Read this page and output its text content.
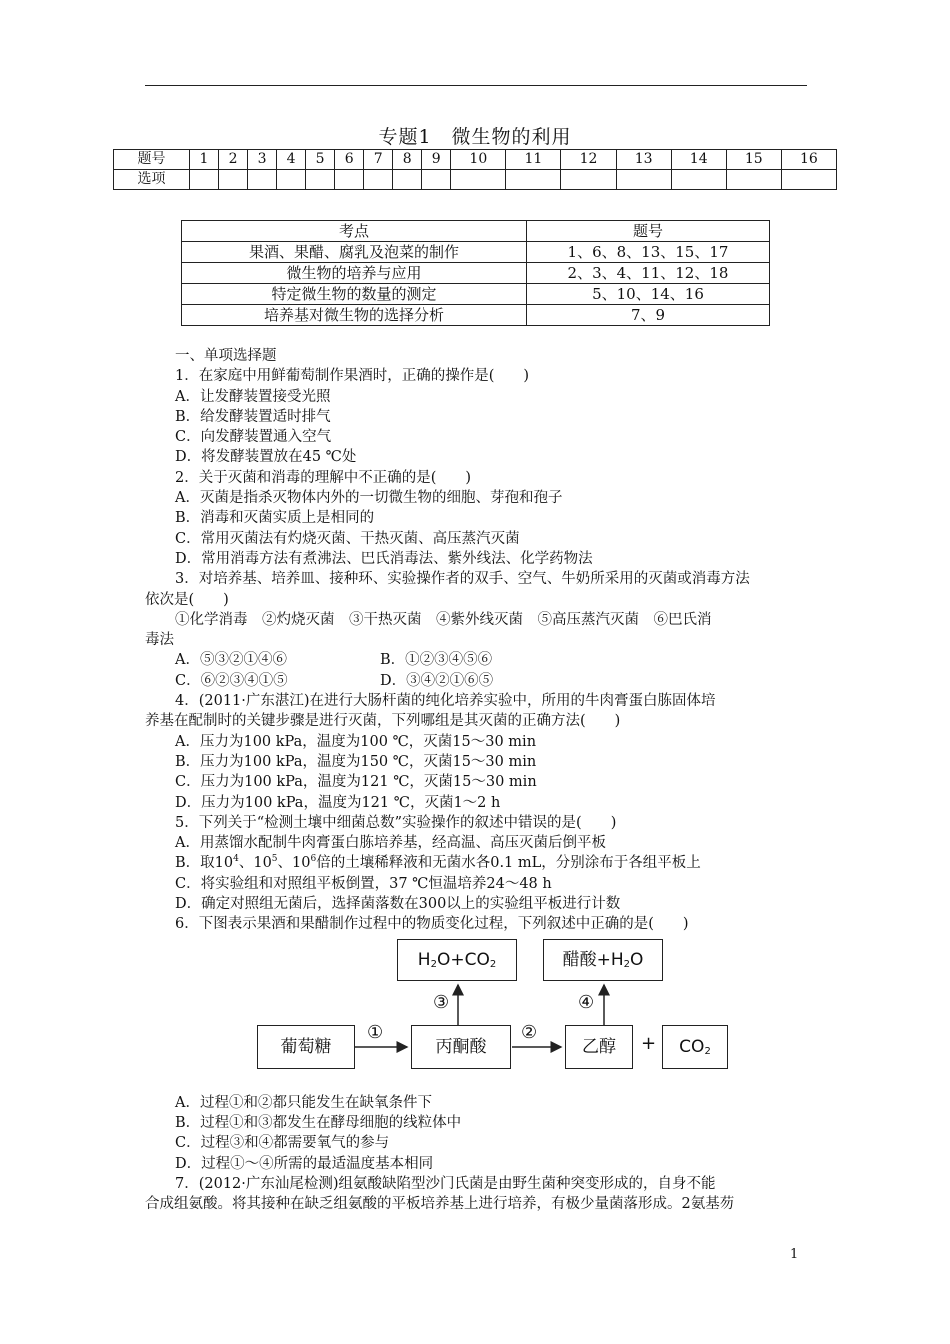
专题1　微生物的利用
题号	1	2	3	4	5	6	7	8	9	10	11	12	13	14	15	16
选项																
考点	题号
果酒、果醋、腐乳及泡菜的制作	1、6、8、13、15、17
微生物的培养与应用	2、3、4、11、12、18
特定微生物的数量的测定	5、10、14、16
培养基对微生物的选择分析	7、9

一、单项选择题

1．在家庭中用鲜葡萄制作果酒时，正确的操作是(　　)

A．让发酵装置接受光照

B．给发酵装置适时排气

C．向发酵装置通入空气

D．将发酵装置放在45 ℃处

2．关于灭菌和消毒的理解中不正确的是(　　)

A．灭菌是指杀灭物体内外的一切微生物的细胞、芽孢和孢子

B．消毒和灭菌实质上是相同的

C．常用灭菌法有灼烧灭菌、干热灭菌、高压蒸汽灭菌

D．常用消毒方法有煮沸法、巴氏消毒法、紫外线法、化学药物法

3．对培养基、培养皿、接种环、实验操作者的双手、空气、牛奶所采用的灭菌或消毒方法

依次是(　　)

①化学消毒　②灼烧灭菌　③干热灭菌　④紫外线灭菌　⑤高压蒸汽灭菌　⑥巴氏消

毒法

A．⑤③②①④⑥	B．①②③④⑤⑥

C．⑥②③④①⑤	D．③④②①⑥⑤

4．(2011·广东湛江)在进行大肠杆菌的纯化培养实验中，所用的牛肉膏蛋白胨固体培

养基在配制时的关键步骤是进行灭菌，下列哪组是其灭菌的正确方法(　　)

A．压力为100 kPa，温度为100 ℃，灭菌15～30 min

B．压力为100 kPa，温度为150 ℃，灭菌15～30 min

C．压力为100 kPa，温度为121 ℃，灭菌15～30 min

D．压力为100 kPa，温度为121 ℃，灭菌1～2 h

5．下列关于“检测土壤中细菌总数”实验操作的叙述中错误的是(　　)

A．用蒸馏水配制牛肉膏蛋白胨培养基，经高温、高压灭菌后倒平板

B．取$10^4$、$10^5$、$10^6$倍的土壤稀释液和无菌水各0.1 mL，分别涂布于各组平板上

C．将实验组和对照组平板倒置，37 ℃恒温培养24～48 h

D．确定对照组无菌后，选择菌落数在300以上的实验组平板进行计数

6．下图表示果酒和果醋制作过程中的物质变化过程，下列叙述中正确的是(　　)

$H_2O+CO_2$	醋酸$+H_2O$
葡萄糖	丙酮酸	乙醇	+	$CO_2$
①	②
③	④

A．过程①和②都只能发生在缺氧条件下

B．过程①和③都发生在酵母细胞的线粒体中

C．过程③和④都需要氧气的参与

D．过程①～④所需的最适温度基本相同

7．(2012·广东汕尾检测)组氨酸缺陷型沙门氏菌是由野生菌种突变形成的，自身不能

合成组氨酸。将其接种在缺乏组氨酸的平板培养基上进行培养，有极少量菌落形成。2氨基芴

1
